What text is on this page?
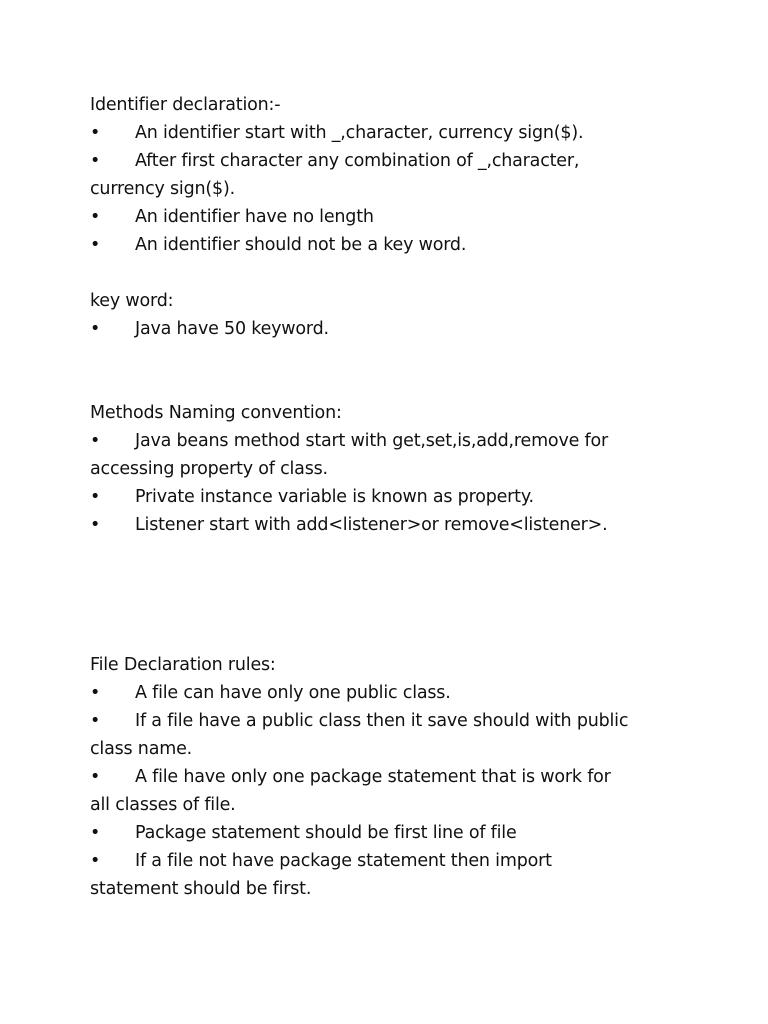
Identifier declaration:-
•	An identifier start with _,character, currency sign($).
•	After first character any combination of _,character,
currency sign($).
•	An identifier have no length
•	An identifier should not be a key word.
key word:
•	Java have 50 keyword.
Methods Naming convention:
•	Java beans method start with get,set,is,add,remove for
accessing property of class.
•	Private instance variable is known as property.
•	Listener start with add<listener>or remove<listener>.
File Declaration rules:
•	A file can have only one public class.
•	If a file have a public class then it save should with public
class name.
•	A file have only one package statement that is work for
all classes of file.
•	Package statement should be first line of file
•	If a file not have package statement then import
statement should be first.
